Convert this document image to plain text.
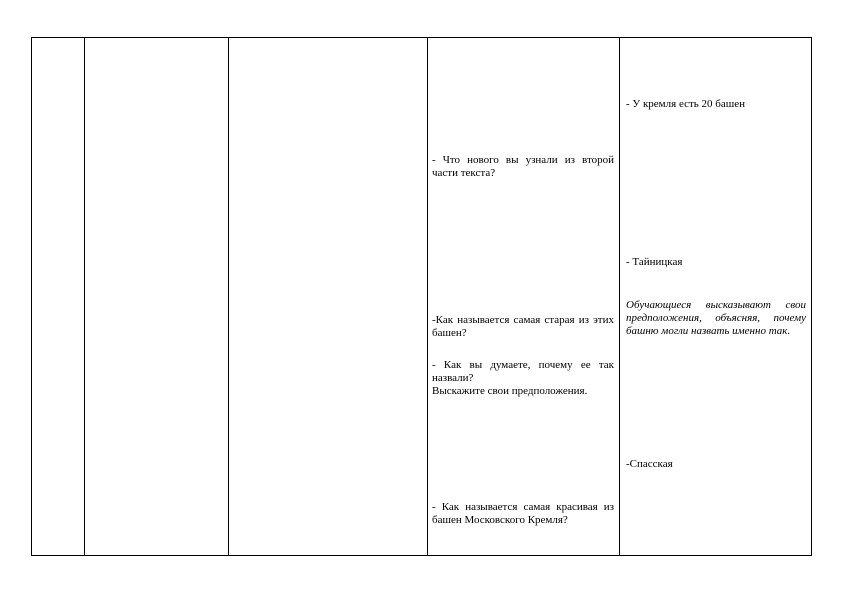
- Что нового вы узнали из второй части текста?

-Как называется самая старая из этих башен?

- Как вы думаете, почему ее так назвали?

Выскажите свои предположения.

- Как называется самая красивая из башен Московского Кремля?

- У кремля есть 20 башен

- Тайницкая

Обучающиеся высказывают свои предположения, объясняя, почему башню могли назвать именно так.

-Спасская
